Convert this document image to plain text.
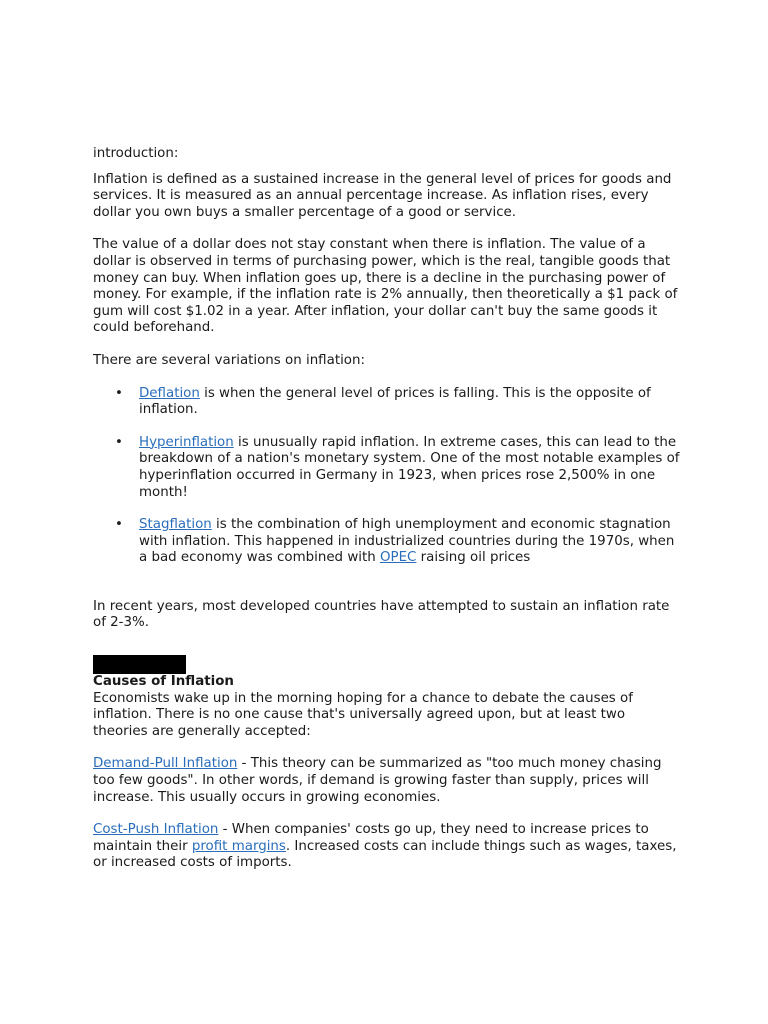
introduction:

Inflation is defined as a sustained increase in the general level of prices for goods and services. It is measured as an annual percentage increase. As inflation rises, every dollar you own buys a smaller percentage of a good or service.

The value of a dollar does not stay constant when there is inflation. The value of a dollar is observed in terms of purchasing power, which is the real, tangible goods that money can buy. When inflation goes up, there is a decline in the purchasing power of money. For example, if the inflation rate is 2% annually, then theoretically a $1 pack of gum will cost $1.02 in a year. After inflation, your dollar can't buy the same goods it could beforehand.

There are several variations on inflation:

• Deflation is when the general level of prices is falling. This is the opposite of inflation.
• Hyperinflation is unusually rapid inflation. In extreme cases, this can lead to the breakdown of a nation's monetary system. One of the most notable examples of hyperinflation occurred in Germany in 1923, when prices rose 2,500% in one month!
• Stagflation is the combination of high unemployment and economic stagnation with inflation. This happened in industrialized countries during the 1970s, when a bad economy was combined with OPEC raising oil prices

In recent years, most developed countries have attempted to sustain an inflation rate of 2-3%.

Causes of Inflation

Economists wake up in the morning hoping for a chance to debate the causes of inflation. There is no one cause that's universally agreed upon, but at least two theories are generally accepted:

Demand-Pull Inflation - This theory can be summarized as "too much money chasing too few goods". In other words, if demand is growing faster than supply, prices will increase. This usually occurs in growing economies.

Cost-Push Inflation - When companies' costs go up, they need to increase prices to maintain their profit margins. Increased costs can include things such as wages, taxes, or increased costs of imports.
